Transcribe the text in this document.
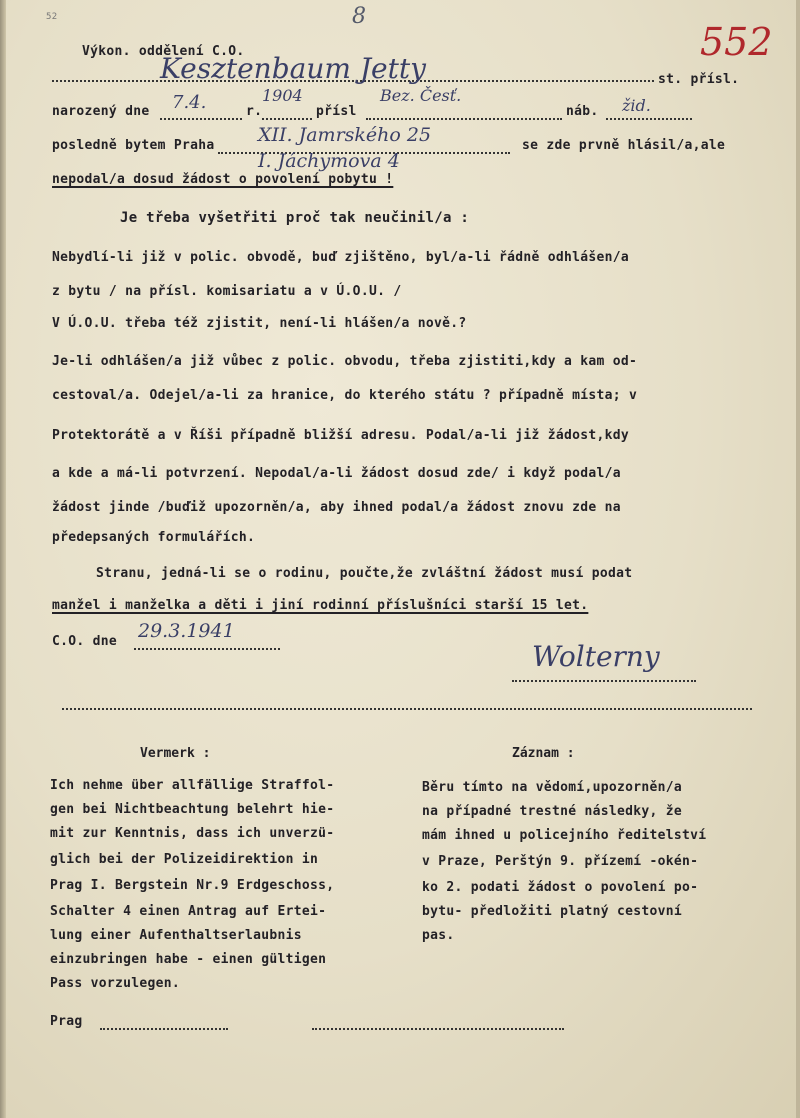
52	8
552
Výkon. oddělení C.O.
Kesztenbaum Jetty	st. přísl.
narozený dne 7.4.	r.
1904
přísl
Bez. Česť.
náb. žid.
posledně bytem Praha XII. Jamrského 25
I. Jáchymova 4
se zde prvně hlásil/a,ale
nepodal/a dosud žádost o povolení pobytu !
Je třeba vyšetřiti proč tak neučinil/a :
Nebydlí-li již v polic. obvodě, buď zjištěno, byl/a-li řádně odhlášen/a
z bytu / na přísl. komisariatu a v Ú.O.U. /
V Ú.O.U. třeba též zjistit, není-li hlášen/a nově.?
Je-li odhlášen/a již vůbec z polic. obvodu, třeba zjistiti,kdy a kam od-
cestoval/a. Odejel/a-li za hranice, do kterého státu ? případně místa; v
Protektorátě a v Říši případně bližší adresu. Podal/a-li již žádost,kdy
a kde a má-li potvrzení. Nepodal/a-li žádost dosud zde/ i když podal/a
žádost jinde /buďiž upozorněn/a, aby ihned podal/a žádost znovu zde na
předepsaných formulářích.
Stranu, jedná-li se o rodinu, poučte,že zvláštní žádost musí podat
manžel i manželka a děti i jiní rodinní příslušníci starší 15 let.
C.O. dne 29.3.1941
Wolterny
Vermerk :
Ich nehme über allfällige Straffol-
gen bei Nichtbeachtung belehrt hie-
mit zur Kenntnis, dass ich unverzü-
glich bei der Polizeidirektion in
Prag I. Bergstein Nr.9 Erdgeschoss,
Schalter 4 einen Antrag auf Ertei-
lung einer Aufenthaltserlaubnis
einzubringen habe - einen gültigen
Pass vorzulegen.
Záznam :
Běru tímto na vědomí,upozorněn/a
na případné trestné následky, že
mám ihned u policejního ředitelství
v Praze, Perštýn 9. přízemí -okén-
ko 2. podati žádost o povolení po-
bytu- předložiti platný cestovní
pas.
Prag
